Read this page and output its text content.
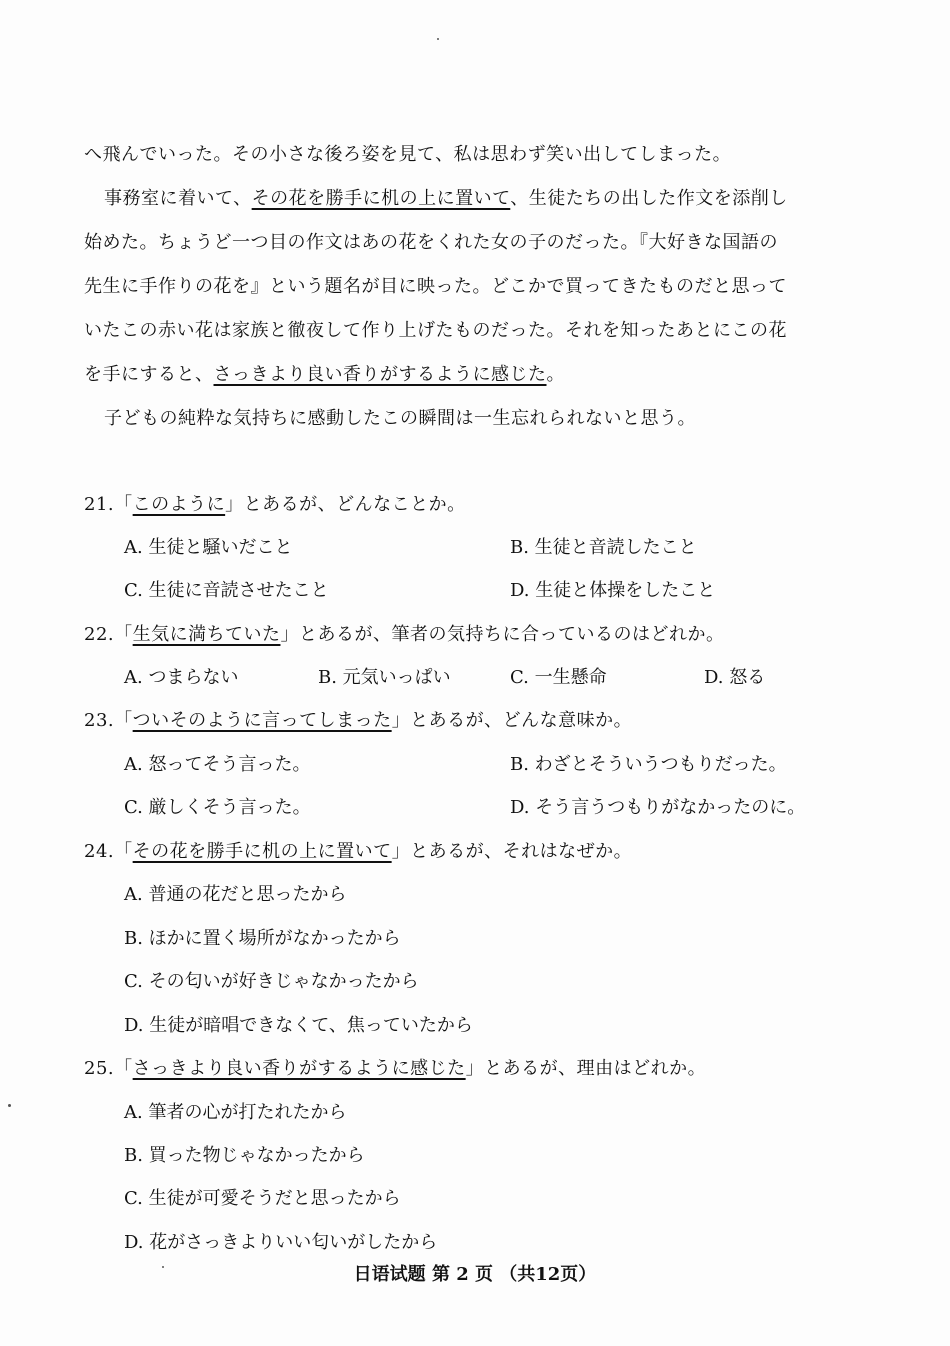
へ飛んでいった。その小さな後ろ姿を見て、私は思わず笑い出してしまった。
事務室に着いて、その花を勝手に机の上に置いて、生徒たちの出した作文を添削し
始めた。ちょうど一つ目の作文はあの花をくれた女の子のだった。『大好きな国語の
先生に手作りの花を』という題名が目に映った。どこかで買ってきたものだと思って
いたこの赤い花は家族と徹夜して作り上げたものだった。それを知ったあとにこの花
を手にすると、さっきより良い香りがするように感じた。
子どもの純粋な気持ちに感動したこの瞬間は一生忘れられないと思う。
21.「このように」とあるが、どんなことか。
A. 生徒と騒いだこと	B. 生徒と音読したこと
C. 生徒に音読させたこと	D. 生徒と体操をしたこと
22.「生気に満ちていた」とあるが、筆者の気持ちに合っているのはどれか。
A. つまらない	B. 元気いっぱい	C. 一生懸命	D. 怒る
23.「ついそのように言ってしまった」とあるが、どんな意味か。
A. 怒ってそう言った。	B. わざとそういうつもりだった。
C. 厳しくそう言った。	D. そう言うつもりがなかったのに。
24.「その花を勝手に机の上に置いて」とあるが、それはなぜか。
A. 普通の花だと思ったから
B. ほかに置く場所がなかったから
C. その匂いが好きじゃなかったから
D. 生徒が暗唱できなくて、焦っていたから
25.「さっきより良い香りがするように感じた」とあるが、理由はどれか。
A. 筆者の心が打たれたから
B. 買った物じゃなかったから
C. 生徒が可愛そうだと思ったから
D. 花がさっきよりいい匂いがしたから
日语试题 第 2 页 （共12页）
